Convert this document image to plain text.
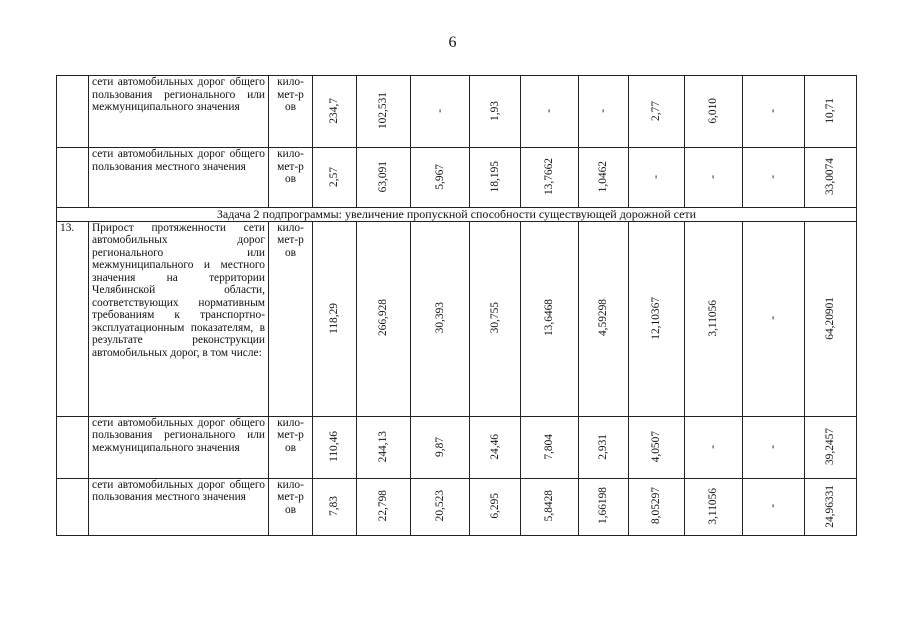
6
	сети автомобильных дорог общего пользования регионального или межмуниципального значения	кило-мет-ров	234,7	102,531	-	1,93	-	-	2,77	6,010	-	10,71

	сети автомобильных дорог общего пользования местного значения	кило-мет-ров	2,57	63,091	5,967	18,195	13,7662	1,0462	-	-	-	33,0074

Задача 2 подпрограммы: увеличение пропускной способности существующей дорожной сети												
13.	Прирост протяженности сети автомобильных дорог регионального или межмуниципального и местного значения на территории Челябинской области, соответствующих нормативным требованиям к транспортно-эксплуатационным показателям, в результате реконструкции автомобильных дорог, в том числе:	кило-мет-ров	118,29	266,928	30,393	30,755	13,6468	4,59298	12,10367	3,11056	-	64,20901

	сети автомобильных дорог общего пользования регионального или межмуниципального значения	кило-мет-ров	110,46	244,13	9,87	24,46	7,804	2,931	4,0507	-	-	39,2457

	сети автомобильных дорог общего пользования местного значения	кило-мет-ров	7,83	22,798	20,523	6,295	5,8428	1,66198	8,05297	3,11056	-	24,96331
